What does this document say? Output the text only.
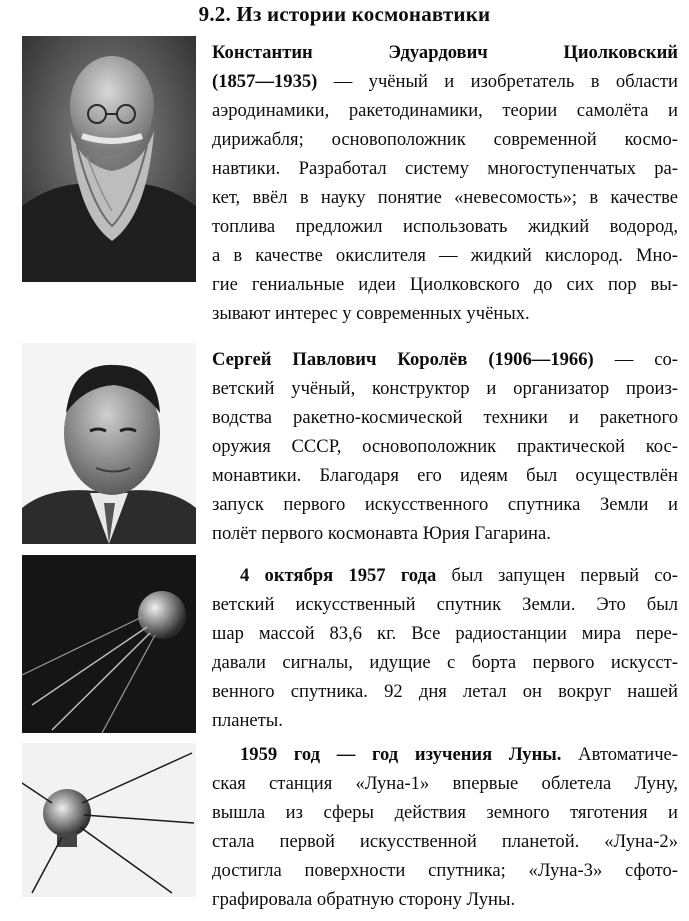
9.2. Из истории космонавтики
Константин Эдуардович Циолковский
(1857—1935) — учёный и изобретатель в области
аэродинамики, ракетодинамики, теории самолёта и
дирижабля; основоположник современной космо-
навтики. Разработал систему многоступенчатых ра-
кет, ввёл в науку понятие «невесомость»; в качестве
топлива предложил использовать жидкий водород,
а в качестве окислителя — жидкий кислород. Мно-
гие гениальные идеи Циолковского до сих пор вы-
зывают интерес у современных учёных.
Сергей Павлович Королёв (1906—1966) — со-
ветский учёный, конструктор и организатор произ-
водства ракетно-космической техники и ракетного
оружия СССР, основоположник практической кос-
монавтики. Благодаря его идеям был осуществлён
запуск первого искусственного спутника Земли и
полёт первого космонавта Юрия Гагарина.
4 октября 1957 года был запущен первый со-
ветский искусственный спутник Земли. Это был
шар массой 83,6 кг. Все радиостанции мира пере-
давали сигналы, идущие с борта первого искусст-
венного спутника. 92 дня летал он вокруг нашей
планеты.
1959 год — год изучения Луны. Автоматиче-
ская станция «Луна-1» впервые облетела Луну,
вышла из сферы действия земного тяготения и
стала первой искусственной планетой. «Луна-2»
достигла поверхности спутника; «Луна-3» сфото-
графировала обратную сторону Луны.
